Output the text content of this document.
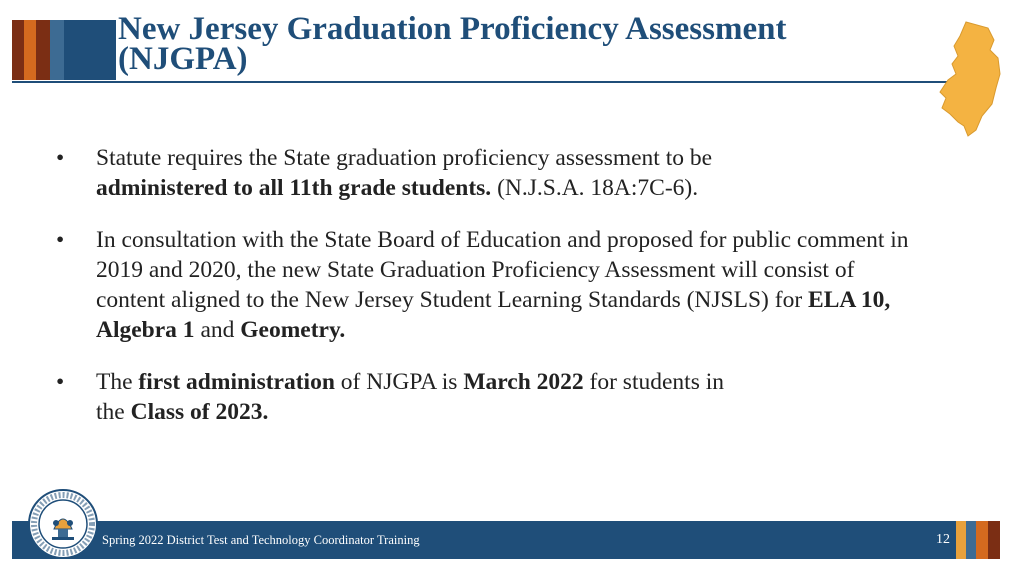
New Jersey Graduation Proficiency Assessment
(NJGPA)
•	Statute requires the State graduation proficiency assessment to be
administered to all 11th grade students. (N.J.S.A. 18A:7C-6).
•	In consultation with the State Board of Education and proposed for public comment in 2019 and 2020, the new State Graduation Proficiency Assessment will consist of content aligned to the New Jersey Student Learning Standards (NJSLS) for ELA 10, Algebra 1 and Geometry.
•	The first administration of NJGPA is March 2022 for students in
the Class of 2023.
Spring 2022 District Test and Technology Coordinator Training	12
